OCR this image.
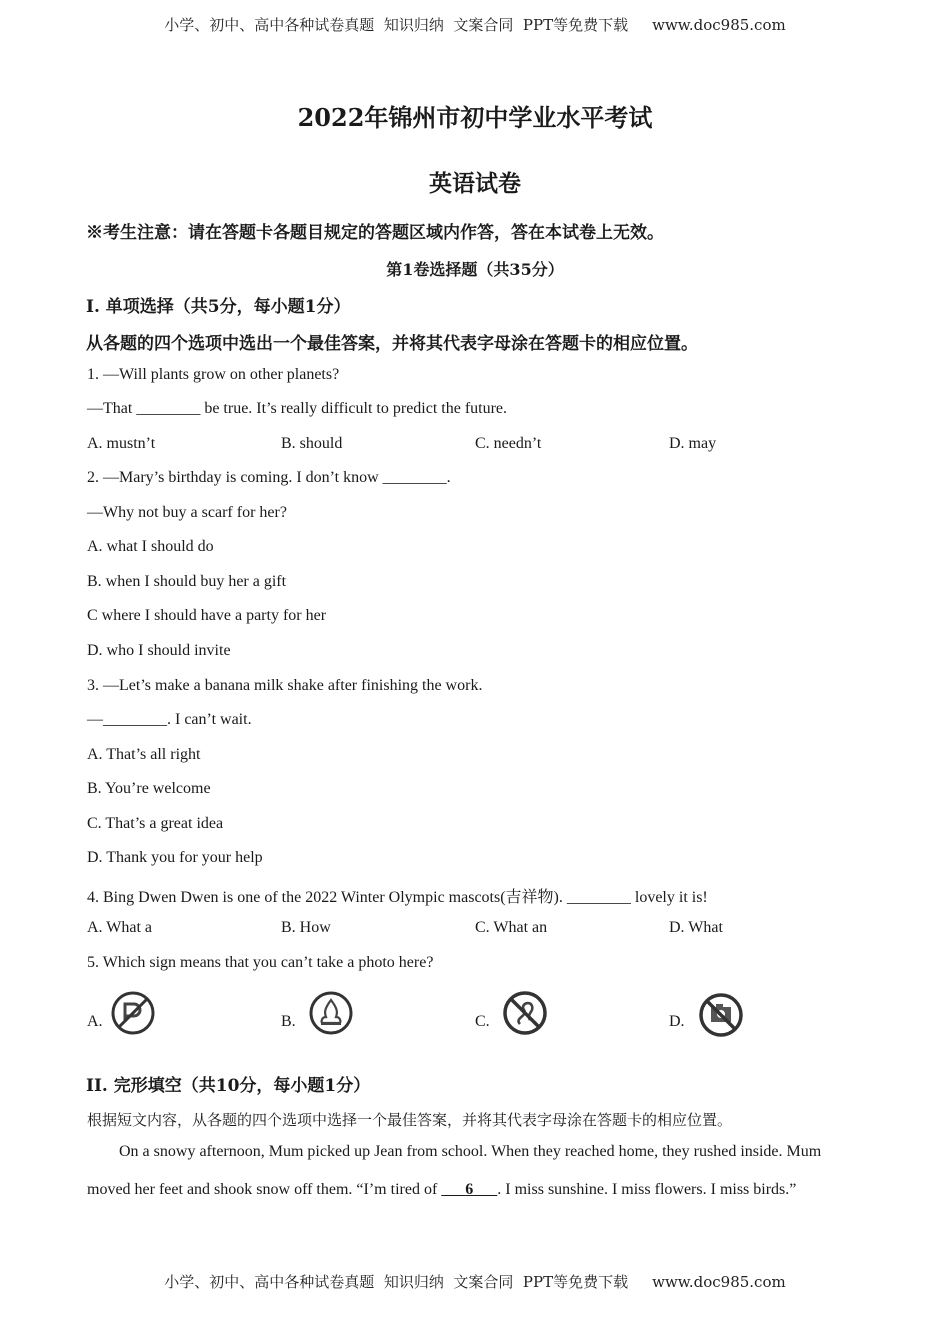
小学、初中、高中各种试卷真题  知识归纳  文案合同  PPT等免费下载 www.doc985.com
2022年锦州市初中学业水平考试
英语试卷
※考生注意：请在答题卡各题目规定的答题区域内作答，答在本试卷上无效。
第1卷选择题（共35分）
I. 单项选择（共5分，每小题1分）
从各题的四个选项中选出一个最佳答案，并将其代表字母涂在答题卡的相应位置。
1. —Will plants grow on other planets?
—That ________ be true. It’s really difficult to predict the future.
A. mustn’t	B. should	C. needn’t	D. may
2. —Mary’s birthday is coming. I don’t know ________.
—Why not buy a scarf for her?
A. what I should do
B. when I should buy her a gift
C where I should have a party for her
D. who I should invite
3. —Let’s make a banana milk shake after finishing the work.
—________. I can’t wait.
A. That’s all right
B. You’re welcome
C. That’s a great idea
D. Thank you for your help
4. Bing Dwen Dwen is one of the 2022 Winter Olympic mascots(吉祥物). ________ lovely it is!
A. What a	B. How	C. What an	D. What
5. Which sign means that you can’t take a photo here?
A.	B.	C.	D.
II. 完形填空（共10分，每小题1分）
根据短文内容，从各题的四个选项中选择一个最佳答案，并将其代表字母涂在答题卡的相应位置。
On a snowy afternoon, Mum picked up Jean from school. When they reached home, they rushed inside. Mum
moved her feet and shook snow off them. “I’m tired of       6 . I miss sunshine. I miss flowers. I miss birds.”
小学、初中、高中各种试卷真题  知识归纳  文案合同  PPT等免费下载 www.doc985.com
